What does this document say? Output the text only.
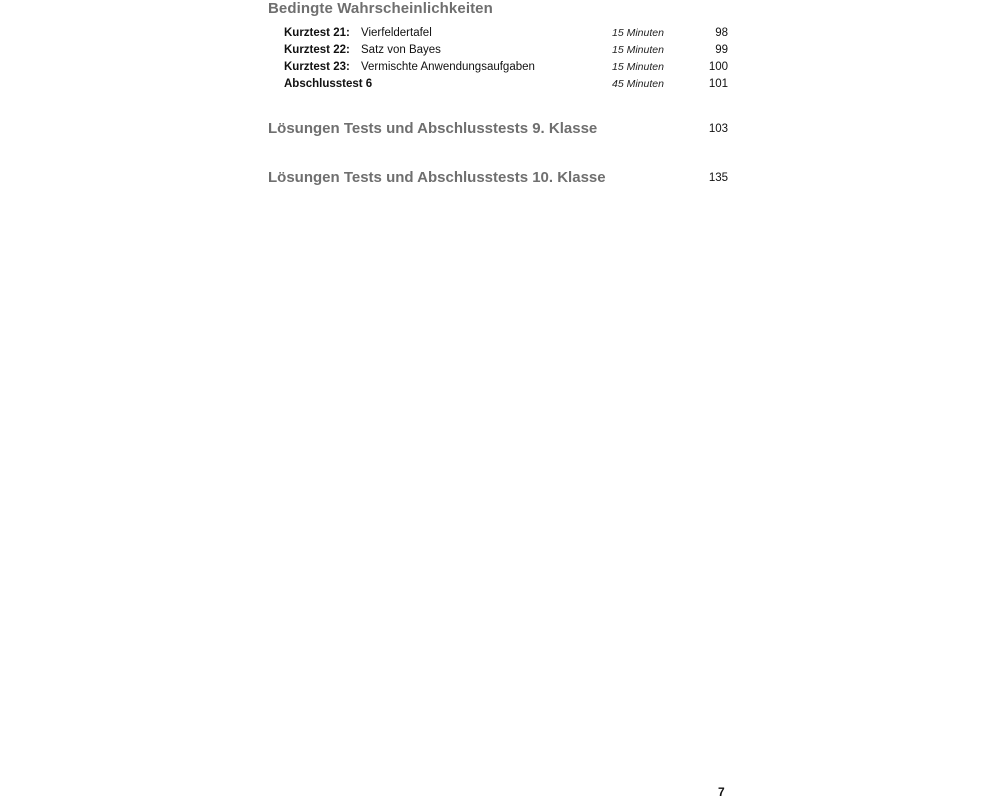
Bedingte Wahrscheinlichkeiten
Kurztest 21: Vierfeldertafel	15 Minuten	98
Kurztest 22: Satz von Bayes	15 Minuten	99
Kurztest 23: Vermischte Anwendungsaufgaben	15 Minuten	100
Abschlusstest 6	45 Minuten	101
Lösungen Tests und Abschlusstests 9. Klasse	103
Lösungen Tests und Abschlusstests 10. Klasse	135
7
